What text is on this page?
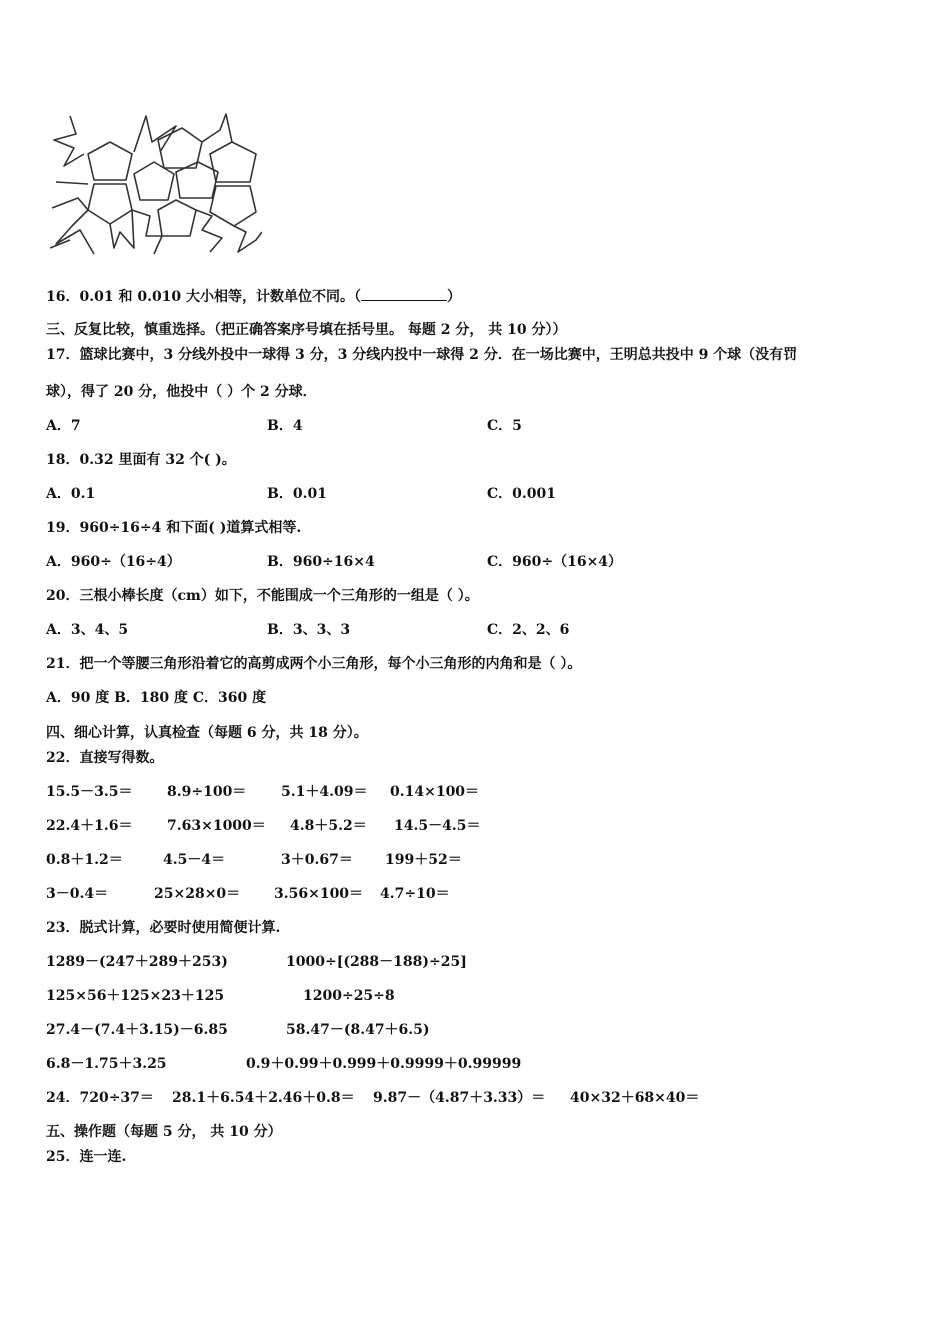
16．0.01 和 0.010 大小相等，计数单位不同。（	）
三、反复比较，慎重选择。（把正确答案序号填在括号里。 每题 2 分， 共 10 分））
17．篮球比赛中，3 分线外投中一球得 3 分，3 分线内投中一球得 2 分．在一场比赛中，王明总共投中 9 个球（没有罚
球），得了 20 分，他投中（ ）个 2 分球．
A．7	B．4	C．5
18．0.32 里面有 32 个( )。
A．0.1	B．0.01	C．0.001
19．960÷16÷4 和下面( )道算式相等.
A．960÷（16÷4）	B．960÷16×4	C．960÷（16×4）
20．三根小棒长度（cm）如下，不能围成一个三角形的一组是（ ）。
A．3、4、5	B．3、3、3	C．2、2、6
21．把一个等腰三角形沿着它的高剪成两个小三角形，每个小三角形的内角和是（ ）。
A．90 度 B．180 度 C．360 度
四、细心计算，认真检查（每题 6 分，共 18 分）。
22．直接写得数。
15.5－3.5＝ 8.9÷100＝ 5.1＋4.09＝ 0.14×100＝
22.4＋1.6＝ 7.63×1000＝ 4.8＋5.2＝ 14.5－4.5＝
0.8＋1.2＝	4.5－4＝	3＋0.67＝ 199＋52＝
3－0.4＝	25×28×0＝ 3.56×100＝ 4.7÷10＝
23．脱式计算，必要时使用简便计算.
1289－(247＋289＋253)	1000÷[(288－188)÷25]
125×56＋125×23＋125	1200÷25÷8
27.4－(7.4＋3.15)－6.85	58.47－(8.47＋6.5)
6.8－1.75＋3.25	0.9＋0.99＋0.999＋0.9999＋0.99999
24．720÷37＝ 28.1＋6.54＋2.46＋0.8＝ 9.87－（4.87＋3.33）＝ 40×32＋68×40＝
五、操作题（每题 5 分， 共 10 分）
25．连一连.
